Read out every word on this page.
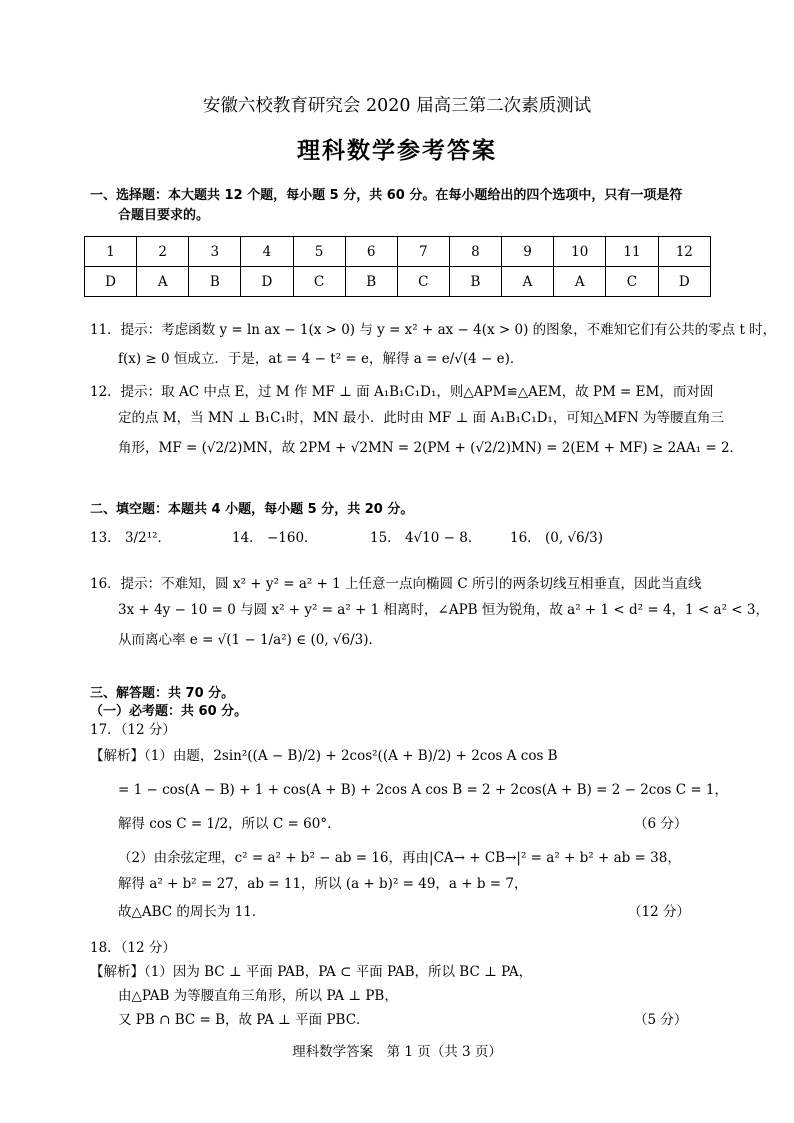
安徽六校教育研究会 2020 届高三第二次素质测试
理科数学参考答案
一、选择题：本大题共 12 个题，每小题 5 分，共 60 分。在每小题给出的四个选项中，只有一项是符
合题目要求的。
1	2	3	4	5	6	7	8	9	10	11	12
D	A	B	D	C	B	C	B	A	A	C	D
11．提示：考虑函数 y = ln ax − 1(x > 0) 与 y = x² + ax − 4(x > 0) 的图象，不难知它们有公共的零点 t 时，
f(x) ≥ 0 恒成立．于是，at = 4 − t² = e，解得 a = e/√(4 − e)．
12．提示：取 AC 中点 E，过 M 作 MF ⊥ 面 A₁B₁C₁D₁，则△APM≌△AEM，故 PM = EM，而对固
定的点 M，当 MN ⊥ B₁C₁时，MN 最小．此时由 MF ⊥ 面 A₁B₁C₁D₁，可知△MFN 为等腰直角三
角形，MF = (√2/2)MN，故 2PM + √2MN = 2(PM + (√2/2)MN) = 2(EM + MF) ≥ 2AA₁ = 2．
二、填空题：本题共 4 小题，每小题 5 分，共 20 分。
13． 3/2¹²．	14． −160．	15． 4√10 − 8． 16． (0, √6/3)
16．提示：不难知，圆 x² + y² = a² + 1 上任意一点向椭圆 C 所引的两条切线互相垂直，因此当直线
3x + 4y − 10 = 0 与圆 x² + y² = a² + 1 相离时，∠APB 恒为锐角，故 a² + 1 < d² = 4，1 < a² < 3，
从而离心率 e = √(1 − 1/a²) ∈ (0, √6/3)．
三、解答题：共 70 分。
（一）必考题：共 60 分。
17．（12 分）
【解析】（1）由题，2sin²((A − B)/2) + 2cos²((A + B)/2) + 2cos A cos B
= 1 − cos(A − B) + 1 + cos(A + B) + 2cos A cos B = 2 + 2cos(A + B) = 2 − 2cos C = 1，
解得 cos C = 1/2，所以 C = 60°．	（6 分）
（2）由余弦定理，c² = a² + b² − ab = 16，再由|CA→ + CB→|² = a² + b² + ab = 38，
解得 a² + b² = 27，ab = 11，所以 (a + b)² = 49，a + b = 7，
故△ABC 的周长为 11．	（12 分）
18．（12 分）
【解析】（1）因为 BC ⊥ 平面 PAB，PA ⊂ 平面 PAB，所以 BC ⊥ PA，
由△PAB 为等腰直角三角形，所以 PA ⊥ PB，
又 PB ∩ BC = B，故 PA ⊥ 平面 PBC．	（5 分）
理科数学答案　第 1 页（共 3 页）
